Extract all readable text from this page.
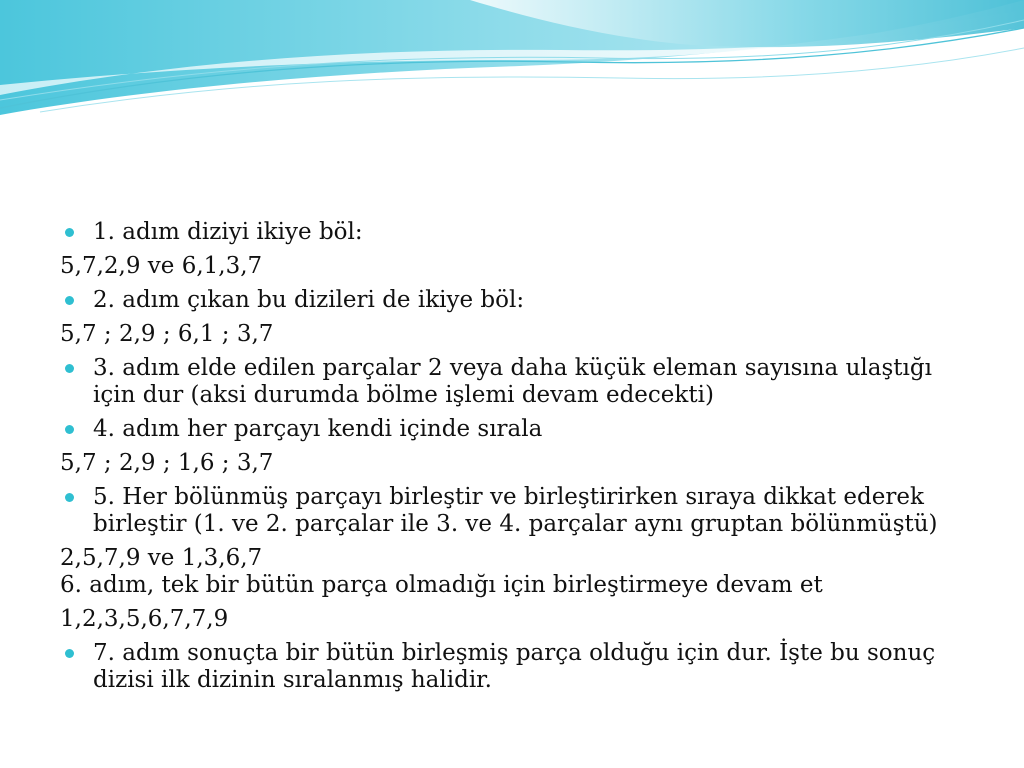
1. adım diziyi ikiye böl:
5,7,2,9 ve 6,1,3,7
2. adım çıkan bu dizileri de ikiye böl:
5,7 ; 2,9 ; 6,1 ; 3,7
3. adım elde edilen parçalar 2 veya daha küçük eleman sayısına ulaştığı için dur (aksi durumda bölme işlemi devam edecekti)
4. adım her parçayı kendi içinde sırala
5,7 ; 2,9 ; 1,6 ; 3,7
5. Her bölünmüş parçayı birleştir ve birleştirirken sıraya dikkat ederek birleştir (1. ve 2. parçalar ile 3. ve 4. parçalar aynı gruptan bölünmüştü)
2,5,7,9 ve 1,3,6,7
6. adım, tek bir bütün parça olmadığı için birleştirmeye devam et
1,2,3,5,6,7,7,9
7. adım sonuçta bir bütün birleşmiş parça olduğu için dur. İşte bu sonuç dizisi ilk dizinin sıralanmış halidir.
